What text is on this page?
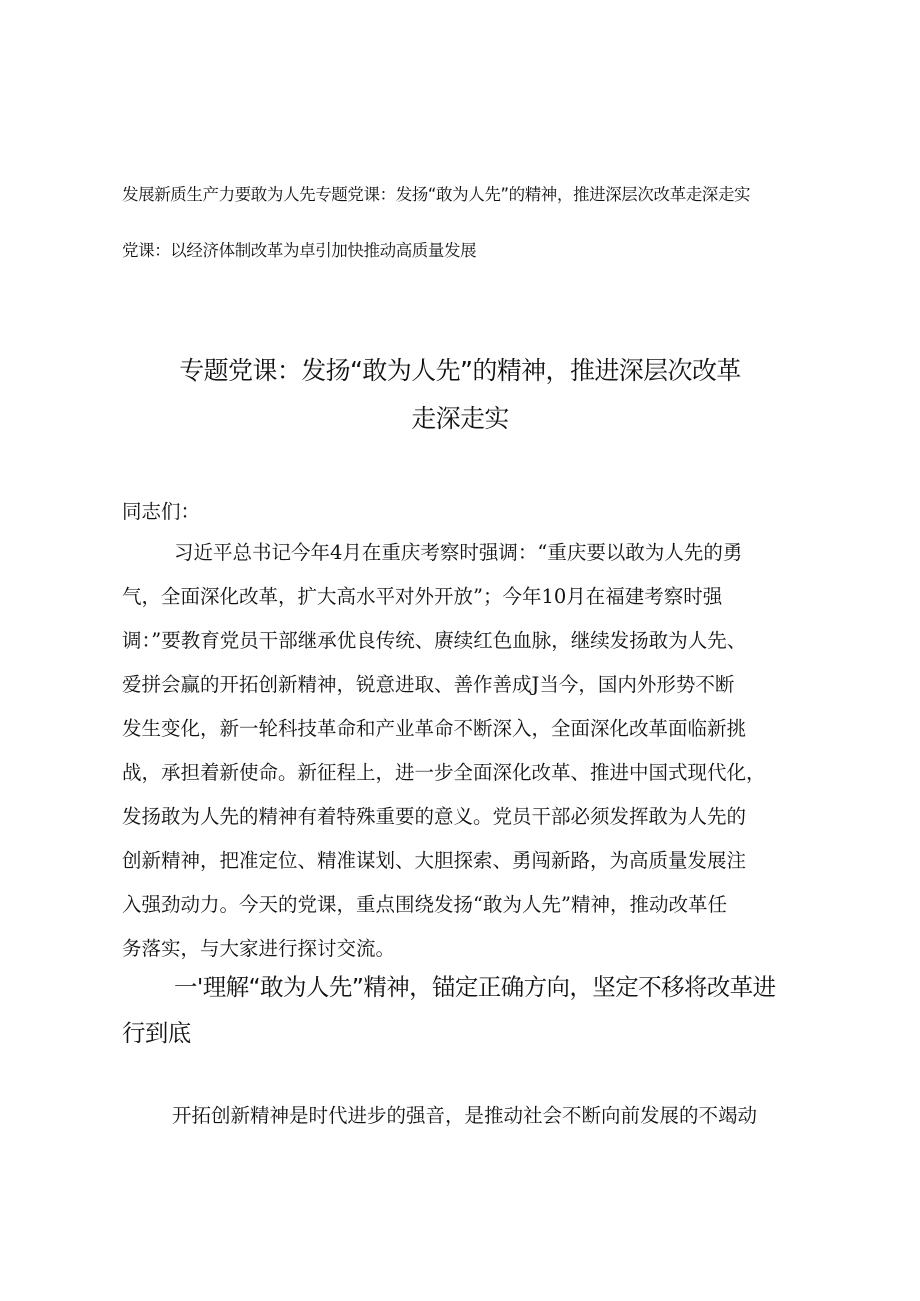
发展新质生产力要敢为人先专题党课：发扬“敢为人先”的精神，推进深层次改革走深走实
党课：以经济体制改革为卓引加快推动高质量发展
专题党课：发扬“敢为人先”的精神，推进深层次改革
走深走实
同志们：
习近平总书记今年4月在重庆考察时强调：“重庆要以敢为人先的勇
气，全面深化改革，扩大高水平对外开放”；今年10月在福建考察时强
调：”要教育党员干部继承优良传统、赓续红色血脉，继续发扬敢为人先、
爱拼会赢的开拓创新精神，锐意进取、善作善成J当今，国内外形势不断
发生变化，新一轮科技革命和产业革命不断深入，全面深化改革面临新挑
战，承担着新使命。新征程上，进一步全面深化改革、推进中国式现代化，
发扬敢为人先的精神有着特殊重要的意义。党员干部必须发挥敢为人先的
创新精神，把准定位、精准谋划、大胆探索、勇闯新路，为高质量发展注
入强劲动力。今天的党课，重点围绕发扬“敢为人先”精神，推动改革任
务落实，与大家进行探讨交流。
一'理解“敢为人先”精神，锚定正确方向，坚定不移将改革进
行到底
开拓创新精神是时代进步的强音，是推动社会不断向前发展的不竭动
